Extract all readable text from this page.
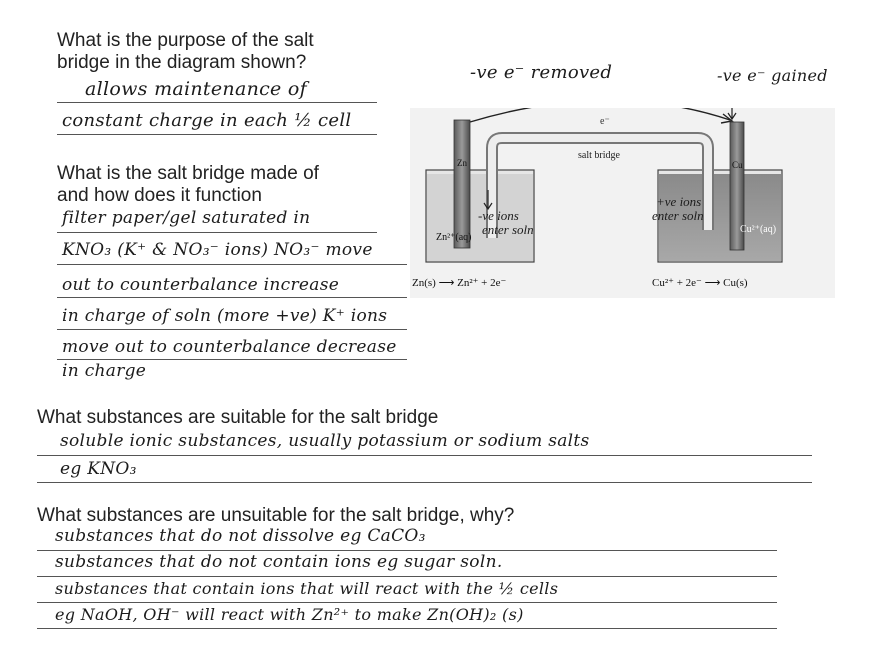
What is the purpose of the salt

bridge in the diagram shown?

allows maintenance of
constant charge in each ½ cell

What is the salt bridge made of

and how does it function

filter paper/gel saturated in
KNO₃ (K⁺ & NO₃⁻ ions) NO₃⁻ move
out to counterbalance increase
in charge of soln (more +ve) K⁺ ions
move out to counterbalance decrease
in charge

What substances are suitable for the salt bridge

soluble ionic substances, usually potassium or sodium salts
eg KNO₃

What substances are unsuitable for the salt bridge, why?

substances that do not dissolve eg CaCO₃
substances that do not contain ions eg sugar soln.
substances that contain ions that will react with the ½ cells
eg NaOH, OH⁻ will react with Zn²⁺ to make Zn(OH)₂ (s)
-ve e⁻ removed	-ve e⁻ gained
e⁻
Zn
Zn²⁺(aq)
Cu
Cu²⁺(aq)
salt bridge
-ve ions
enter soln
+ve ions
enter soln
Zn(s) ⟶ Zn²⁺ + 2e⁻	Cu²⁺ + 2e⁻ ⟶ Cu(s)
